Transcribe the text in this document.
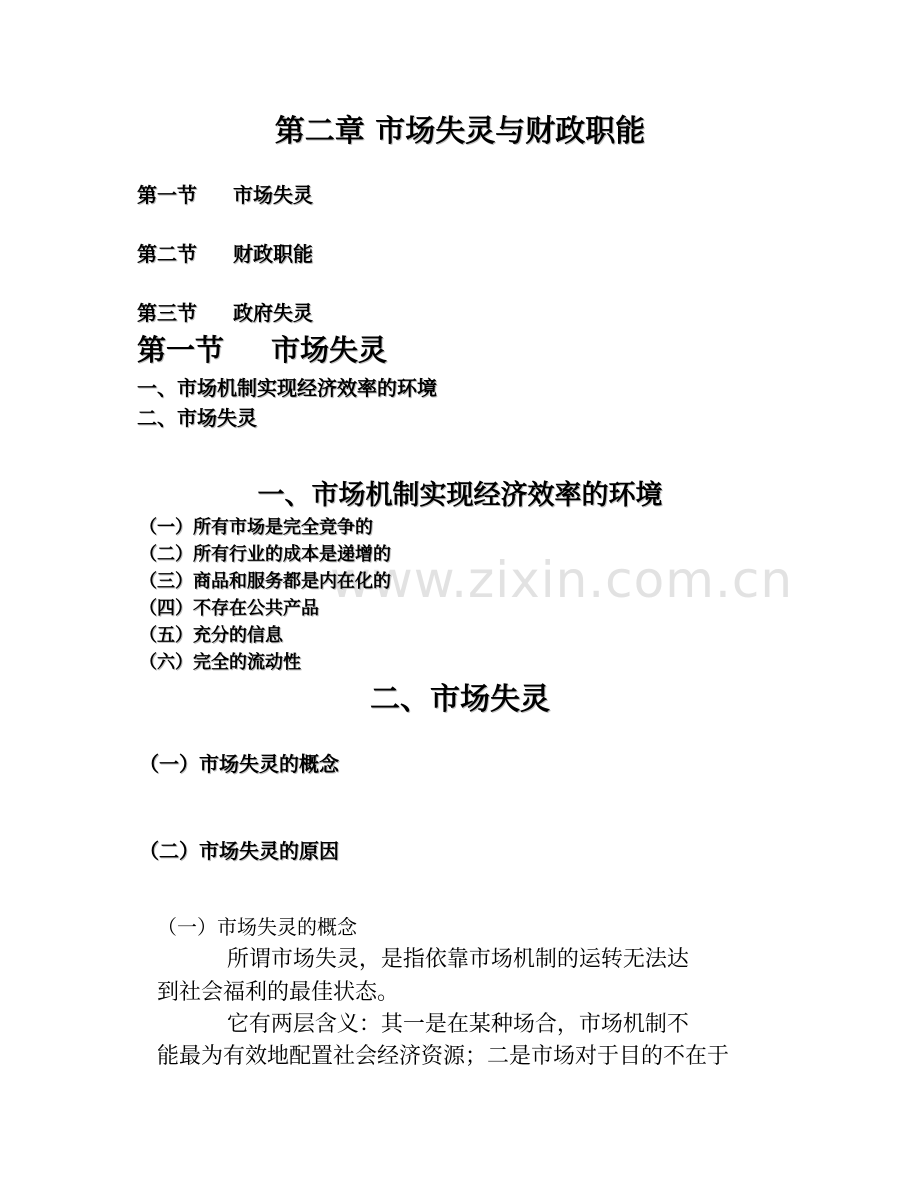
www.zixin.com.cn
第二章 市场失灵与财政职能
第一节 市场失灵
第二节 财政职能
第三节 政府失灵
第一节 市场失灵
一、市场机制实现经济效率的环境
二、市场失灵
一、市场机制实现经济效率的环境
（一）所有市场是完全竞争的
（二）所有行业的成本是递增的
（三）商品和服务都是内在化的
（四）不存在公共产品
（五）充分的信息
（六）完全的流动性
二、市场失灵
（一）市场失灵的概念
（二）市场失灵的原因
（一）市场失灵的概念
所谓市场失灵，是指依靠市场机制的运转无法达
到社会福利的最佳状态。
它有两层含义：其一是在某种场合，市场机制不
能最为有效地配置社会经济资源；二是市场对于目的不在于
